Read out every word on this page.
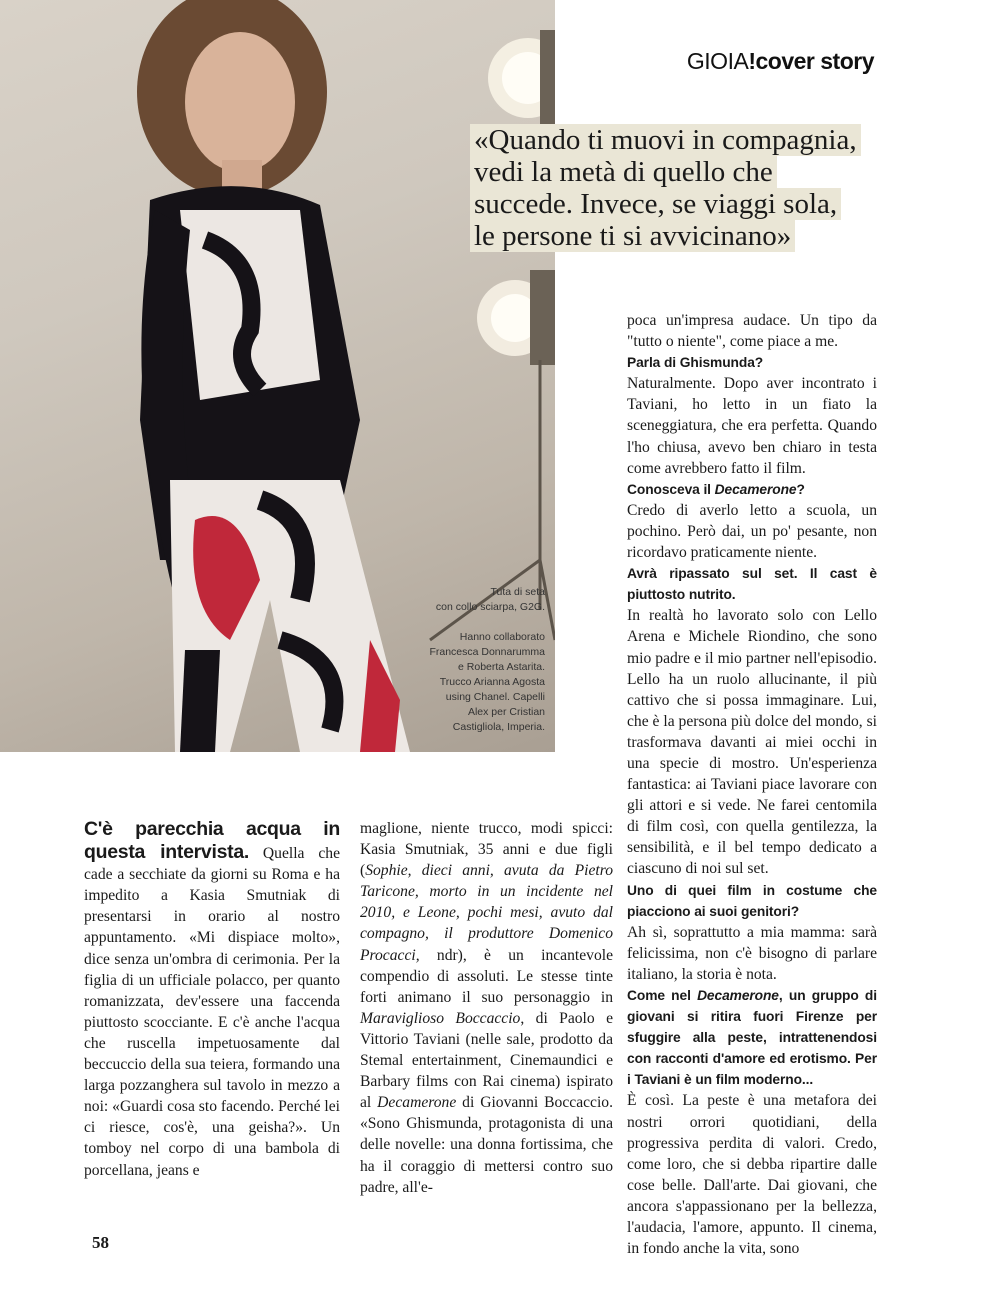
Tuta di seta
con collo sciarpa, G2G.
Hanno collaborato
Francesca Donnarumma
e Roberta Astarita.
Trucco Arianna Agosta
using Chanel. Capelli
Alex per Cristian
Castigliola, Imperia.
GIOIA!cover story
«Quando ti muovi in compagnia,
vedi la metà di quello che
succede. Invece, se viaggi sola,
le persone ti si avvicinano»

C'è parecchia acqua in questa intervista. Quella che cade a secchiate da giorni su Roma e ha impedito a Kasia Smutniak di presentarsi in orario al nostro appuntamento. «Mi dispiace molto», dice senza un'ombra di cerimonia. Per la figlia di un ufficiale polacco, per quanto romanizzata, dev'essere una faccenda piuttosto scocciante. E c'è anche l'acqua che ruscella impetuosamente dal beccuccio della sua teiera, formando una larga pozzanghera sul tavolo in mezzo a noi: «Guardi cosa sto facendo. Perché lei ci riesce, cos'è, una geisha?». Un tomboy nel corpo di una bambola di porcellana, jeans e

maglione, niente trucco, modi spicci: Kasia Smutniak, 35 anni e due figli (Sophie, dieci anni, avuta da Pietro Taricone, morto in un incidente nel 2010, e Leone, pochi mesi, avuto dal compagno, il produttore Domenico Procacci, ndr), è un incantevole compendio di assoluti. Le stesse tinte forti animano il suo personaggio in Maraviglioso Boccaccio, di Paolo e Vittorio Taviani (nelle sale, prodotto da Stemal entertainment, Cinemaundici e Barbary films con Rai cinema) ispirato al Decamerone di Giovanni Boccaccio. «Sono Ghismunda, protagonista di una delle novelle: una donna fortissima, che ha il coraggio di mettersi contro suo padre, all'e-

poca un'impresa audace. Un tipo da "tutto o niente", come piace a me.

Parla di Ghismunda?

Naturalmente. Dopo aver incontrato i Taviani, ho letto in un fiato la sceneggiatura, che era perfetta. Quando l'ho chiusa, avevo ben chiaro in testa come avrebbero fatto il film.

Conosceva il Decamerone?

Credo di averlo letto a scuola, un pochino. Però dai, un po' pesante, non ricordavo praticamente niente.

Avrà ripassato sul set. Il cast è piuttosto nutrito.

In realtà ho lavorato solo con Lello Arena e Michele Riondino, che sono mio padre e il mio partner nell'episodio. Lello ha un ruolo allucinante, il più cattivo che si possa immaginare. Lui, che è la persona più dolce del mondo, si trasformava davanti ai miei occhi in una specie di mostro. Un'esperienza fantastica: ai Taviani piace lavorare con gli attori e si vede. Ne farei centomila di film così, con quella gentilezza, la sensibilità, e il bel tempo dedicato a ciascuno di noi sul set.

Uno di quei film in costume che piacciono ai suoi genitori?

Ah sì, soprattutto a mia mamma: sarà felicissima, non c'è bisogno di parlare italiano, la storia è nota.

Come nel Decamerone, un gruppo di giovani si ritira fuori Firenze per sfuggire alla peste, intrattenendosi con racconti d'amore ed erotismo. Per i Taviani è un film moderno...

È così. La peste è una metafora dei nostri orrori quotidiani, della progressiva perdita di valori. Credo, come loro, che si debba ripartire dalle cose belle. Dall'arte. Dai giovani, che ancora s'appassionano per la bellezza, l'audacia, l'amore, appunto. Il cinema, in fondo anche la vita, sono

58
